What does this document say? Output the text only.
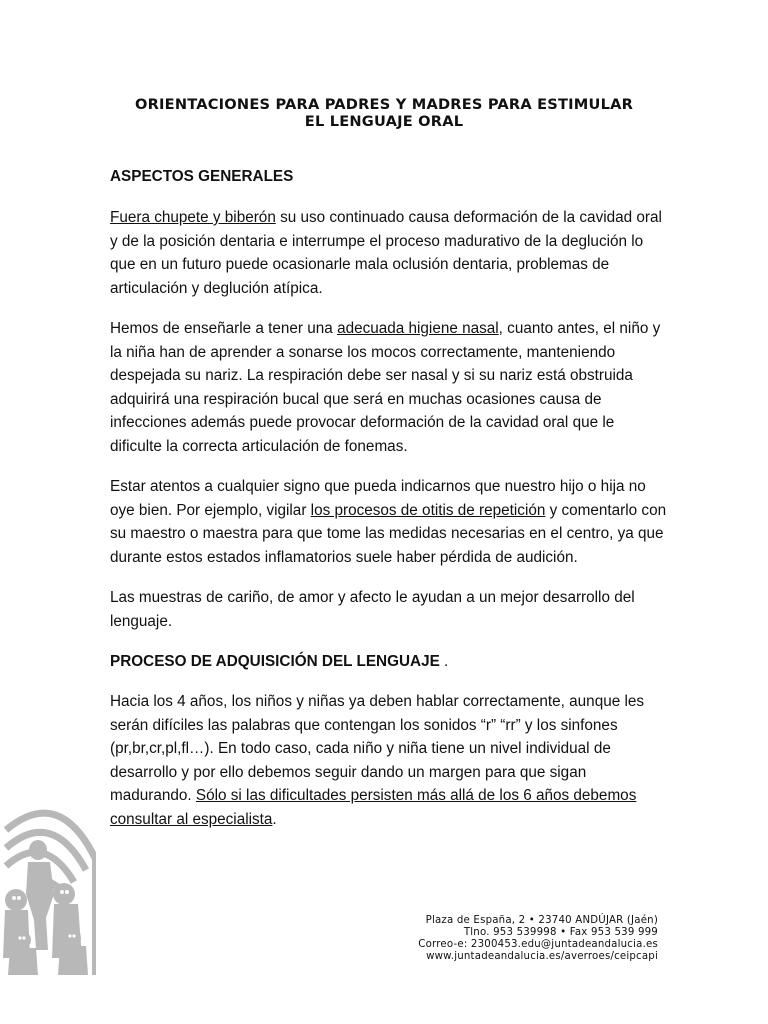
ORIENTACIONES PARA PADRES Y MADRES PARA ESTIMULAR
EL LENGUAJE ORAL
ASPECTOS GENERALES

Fuera chupete y biberón su uso continuado causa deformación de la cavidad oral y de la posición dentaria e interrumpe el proceso madurativo de la deglución lo que en un futuro puede ocasionarle mala oclusión dentaria, problemas de articulación y deglución atípica.

Hemos de enseñarle a tener una adecuada higiene nasal, cuanto antes, el niño y la niña han de aprender a sonarse los mocos correctamente, manteniendo despejada su nariz. La respiración debe ser nasal y si su nariz está obstruida adquirirá una respiración bucal que será en muchas ocasiones causa de infecciones además puede provocar deformación de la cavidad oral que le dificulte la correcta articulación de fonemas.

Estar atentos a cualquier signo que pueda indicarnos que nuestro hijo o hija no oye bien. Por ejemplo, vigilar los procesos de otitis de repetición y comentarlo con su maestro o maestra para que tome las medidas necesarias en el centro, ya que durante estos estados inflamatorios suele haber pérdida de audición.

Las muestras de cariño, de amor y afecto le ayudan a un mejor desarrollo del lenguaje.

PROCESO DE ADQUISICIÓN DEL LENGUAJE .

Hacia los 4 años, los niños y niñas ya deben hablar correctamente, aunque les serán difíciles las palabras que contengan los sonidos “r” “rr” y los sinfones (pr,br,cr,pl,fl…). En todo caso, cada niño y niña tiene un nivel individual de desarrollo y por ello debemos seguir dando un margen para que sigan madurando. Sólo si las dificultades persisten más allá de los 6 años debemos consultar al especialista.

Plaza de España, 2 • 23740 ANDÚJAR (Jaén)
Tlno. 953 539998 • Fax 953 539 999
Correo-e: 2300453.edu@juntadeandalucia.es
www.juntadeandalucia.es/averroes/ceipcapi
